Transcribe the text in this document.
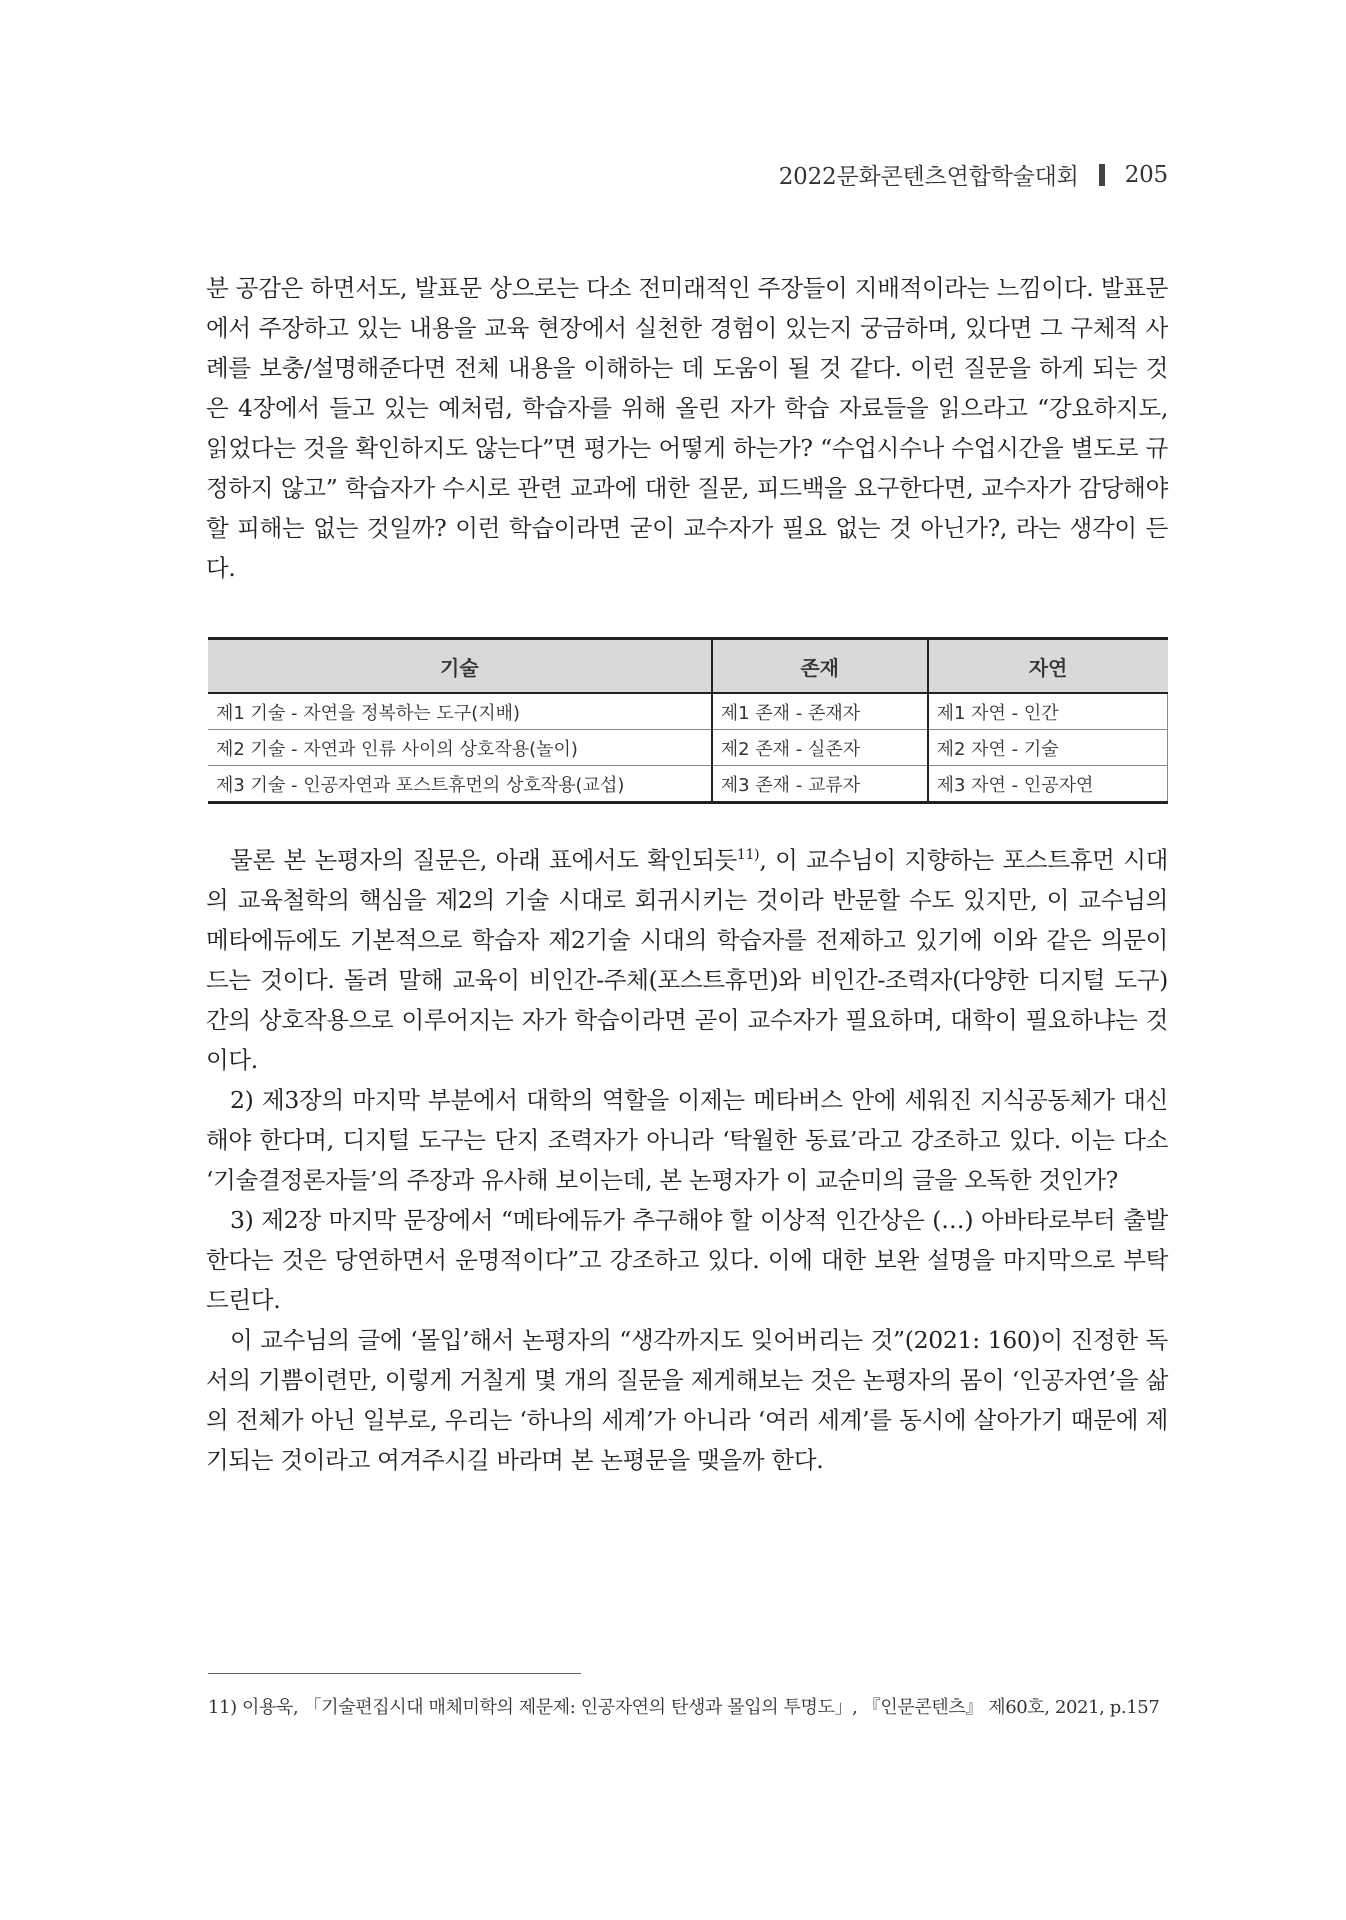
2022문화콘텐츠연합학술대회 205

분 공감은 하면서도, 발표문 상으로는 다소 전미래적인 주장들이 지배적이라는 느낌이다. 발표문에서 주장하고 있는 내용을 교육 현장에서 실천한 경험이 있는지 궁금하며, 있다면 그 구체적 사례를 보충/설명해준다면 전체 내용을 이해하는 데 도움이 될 것 같다. 이런 질문을 하게 되는 것은 4장에서 들고 있는 예처럼, 학습자를 위해 올린 자가 학습 자료들을 읽으라고 “강요하지도, 읽었다는 것을 확인하지도 않는다”면 평가는 어떻게 하는가? “수업시수나 수업시간을 별도로 규정하지 않고” 학습자가 수시로 관련 교과에 대한 질문, 피드백을 요구한다면, 교수자가 감당해야 할 피해는 없는 것일까? 이런 학습이라면 굳이 교수자가 필요 없는 것 아닌가?, 라는 생각이 든다.

기술	존재	자연
제1 기술 - 자연을 정복하는 도구(지배)	제1 존재 - 존재자	제1 자연 - 인간
제2 기술 - 자연과 인류 사이의 상호작용(놀이)	제2 존재 - 실존자	제2 자연 - 기술
제3 기술 - 인공자연과 포스트휴먼의 상호작용(교섭)	제3 존재 - 교류자	제3 자연 - 인공자연

물론 본 논평자의 질문은, 아래 표에서도 확인되듯$^{11)}$, 이 교수님이 지향하는 포스트휴먼 시대의 교육철학의 핵심을 제2의 기술 시대로 회귀시키는 것이라 반문할 수도 있지만, 이 교수님의 메타에듀에도 기본적으로 학습자 제2기술 시대의 학습자를 전제하고 있기에 이와 같은 의문이 드는 것이다. 돌려 말해 교육이 비인간-주체(포스트휴먼)와 비인간-조력자(다양한 디지털 도구) 간의 상호작용으로 이루어지는 자가 학습이라면 곧이 교수자가 필요하며, 대학이 필요하냐는 것이다.

2) 제3장의 마지막 부분에서 대학의 역할을 이제는 메타버스 안에 세워진 지식공동체가 대신해야 한다며, 디지털 도구는 단지 조력자가 아니라 ‘탁월한 동료’라고 강조하고 있다. 이는 다소 ‘기술결정론자들’의 주장과 유사해 보이는데, 본 논평자가 이 교순미의 글을 오독한 것인가?

3) 제2장 마지막 문장에서 “메타에듀가 추구해야 할 이상적 인간상은 (…) 아바타로부터 출발한다는 것은 당연하면서 운명적이다”고 강조하고 있다. 이에 대한 보완 설명을 마지막으로 부탁드린다.

이 교수님의 글에 ‘몰입’해서 논평자의 “생각까지도 잊어버리는 것”(2021: 160)이 진정한 독서의 기쁨이련만, 이렇게 거칠게 몇 개의 질문을 제게해보는 것은 논평자의 몸이 ‘인공자연’을 삶의 전체가 아닌 일부로, 우리는 ‘하나의 세계’가 아니라 ‘여러 세계’를 동시에 살아가기 때문에 제기되는 것이라고 여겨주시길 바라며 본 논평문을 맺을까 한다.

11) 이용욱, 「기술편집시대 매체미학의 제문제: 인공자연의 탄생과 몰입의 투명도」, 『인문콘텐츠』 제60호, 2021, p.157
